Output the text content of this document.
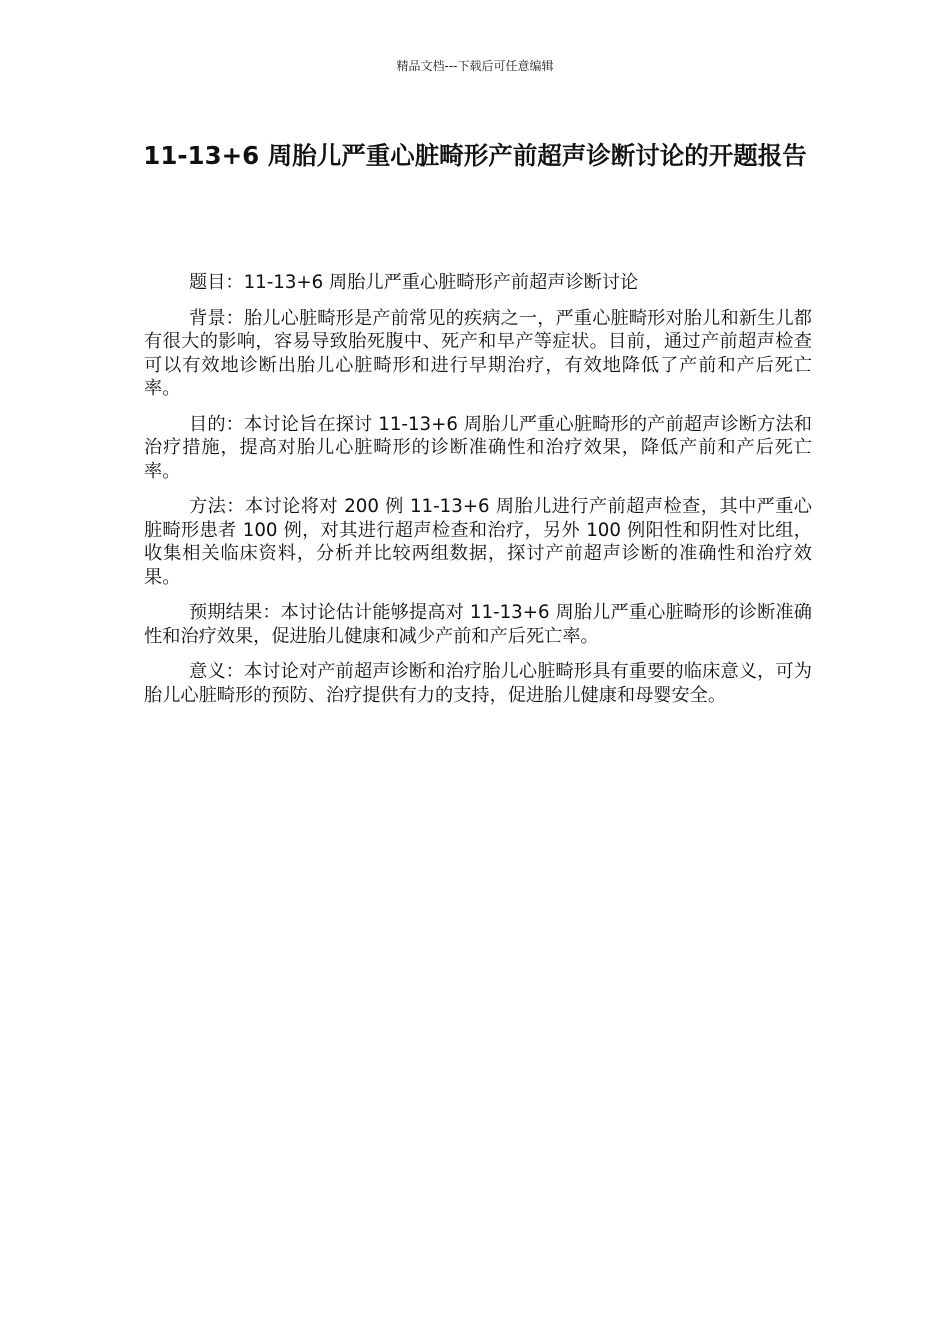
精品文档---下载后可任意编辑
11-13+6 周胎儿严重心脏畸形产前超声诊断讨论的开题报告

题目：11-13+6 周胎儿严重心脏畸形产前超声诊断讨论

背景：胎儿心脏畸形是产前常见的疾病之一，严重心脏畸形对胎儿和新生儿都有很大的影响，容易导致胎死腹中、死产和早产等症状。目前，通过产前超声检查可以有效地诊断出胎儿心脏畸形和进行早期治疗，有效地降低了产前和产后死亡率。

目的：本讨论旨在探讨 11-13+6 周胎儿严重心脏畸形的产前超声诊断方法和治疗措施，提高对胎儿心脏畸形的诊断准确性和治疗效果，降低产前和产后死亡率。

方法：本讨论将对 200 例 11-13+6 周胎儿进行产前超声检查，其中严重心脏畸形患者 100 例，对其进行超声检查和治疗，另外 100 例阳性和阴性对比组，收集相关临床资料，分析并比较两组数据，探讨产前超声诊断的准确性和治疗效果。

预期结果：本讨论估计能够提高对 11-13+6 周胎儿严重心脏畸形的诊断准确性和治疗效果，促进胎儿健康和减少产前和产后死亡率。

意义：本讨论对产前超声诊断和治疗胎儿心脏畸形具有重要的临床意义，可为胎儿心脏畸形的预防、治疗提供有力的支持，促进胎儿健康和母婴安全。
